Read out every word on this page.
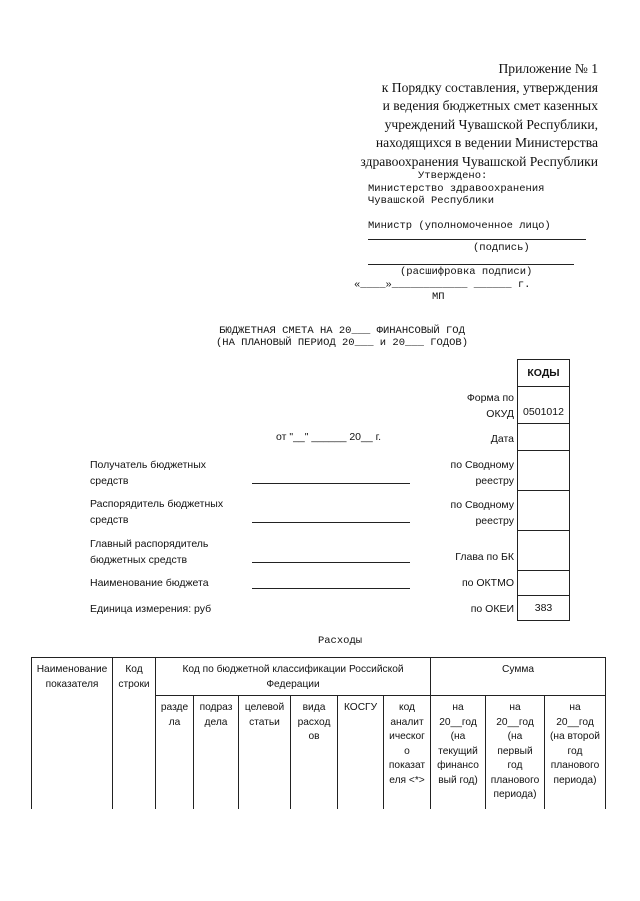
Приложение № 1
к Порядку составления, утверждения
и ведения бюджетных смет казенных
учреждений Чувашской Республики,
находящихся в ведении Министерства
здравоохранения Чувашской Республики
Утверждено:
Министерство здравоохранения
Чувашской Республики
Министр (уполномоченное лицо)
(подпись)
(расшифровка подписи)
«____»____________ ______ г.
МП
БЮДЖЕТНАЯ СМЕТА НА 20___ ФИНАНСОВЫЙ ГОД
(НА ПЛАНОВЫЙ ПЕРИОД 20___ и 20___ ГОДОВ)
КОДЫ
0501012
383
Форма по
ОКУД
Дата
по Сводному
реестру
по Сводному
реестру
Глава по БК
по ОКТМО
по ОКЕИ
от "__" ______ 20__ г.
Получатель бюджетных
средств
Распорядитель бюджетных
средств
Главный распорядитель
бюджетных средств
Наименование бюджета
Единица измерения: руб
Расходы
Наименование
показателя
Код
строки
Код по бюджетной классификации Российской
Федерации
Сумма
разде
ла
подраз
дела
целевой
статьи
вида
расход
ов
КОСГУ	код
аналит
ическог
о
показат
еля <*>
на
20__год
(на
текущий
финансо
вый год)
на
20__год
(на
первый
год
планового
периода)
на
20__год
(на второй
год
планового
периода)
